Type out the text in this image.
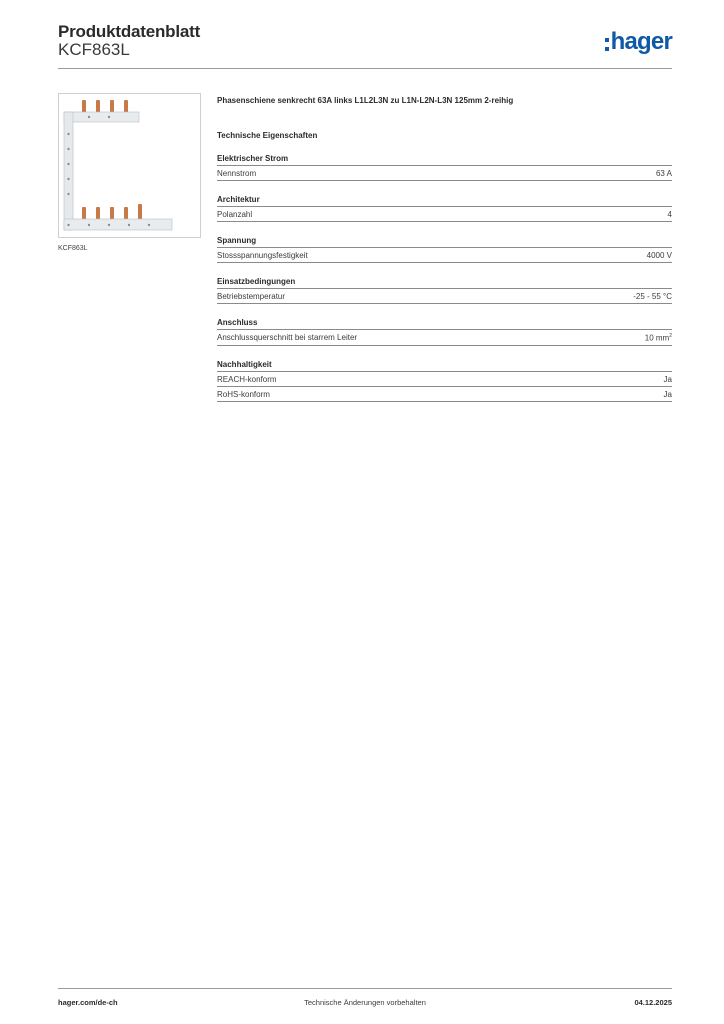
Produktdatenblatt
KCF863L	hager
KCF863L
Phasenschiene senkrecht 63A links L1L2L3N zu L1N-L2N-L3N 125mm 2-reihig
Technische Eigenschaften
Elektrischer Strom
Nennstrom	63 A
Architektur
Polanzahl	4
Spannung
Stossspannungsfestigkeit	4000 V
Einsatzbedingungen
Betriebstemperatur	-25 - 55 °C
Anschluss
Anschlussquerschnitt bei starrem Leiter	10 $mm^2$
Nachhaltigkeit
REACH-konform	Ja
RoHS-konform	Ja
hager.com/de-ch	Technische Änderungen vorbehalten	04.12.2025
